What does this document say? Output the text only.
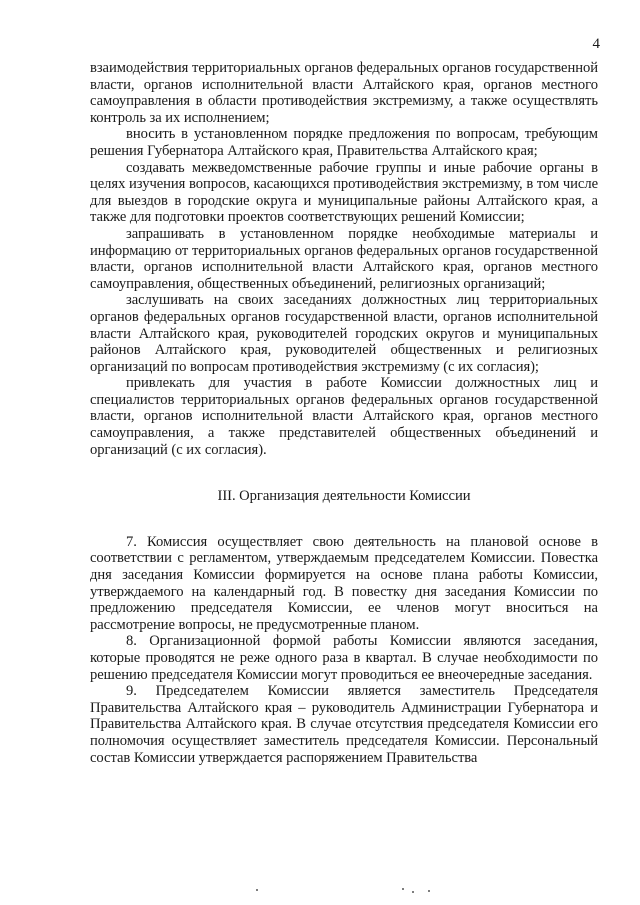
4

взаимодействия территориальных органов федеральных органов государственной власти, органов исполнительной власти Алтайского края, органов местного самоуправления в области противодействия экстремизму, а также осуществлять контроль за их исполнением;

вносить в установленном порядке предложения по вопросам, требующим решения Губернатора Алтайского края, Правительства Алтайского края;

создавать межведомственные рабочие группы и иные рабочие органы в целях изучения вопросов, касающихся противодействия экстремизму, в том числе для выездов в городские округа и муниципальные районы Алтайского края, а также для подготовки проектов соответствующих решений Комиссии;

запрашивать в установленном порядке необходимые материалы и информацию от территориальных органов федеральных органов государственной власти, органов исполнительной власти Алтайского края, органов местного самоуправления, общественных объединений, религиозных организаций;

заслушивать на своих заседаниях должностных лиц территориальных органов федеральных органов государственной власти, органов исполнительной власти Алтайского края, руководителей городских округов и муниципальных районов Алтайского края, руководителей общественных и религиозных организаций по вопросам противодействия экстремизму (с их согласия);

привлекать для участия в работе Комиссии должностных лиц и специалистов территориальных органов федеральных органов государственной власти, органов исполнительной власти Алтайского края, органов местного самоуправления, а также представителей общественных объединений и организаций (с их согласия).

III. Организация деятельности Комиссии

7. Комиссия осуществляет свою деятельность на плановой основе в соответствии с регламентом, утверждаемым председателем Комиссии. Повестка дня заседания Комиссии формируется на основе плана работы Комиссии, утверждаемого на календарный год. В повестку дня заседания Комиссии по предложению председателя Комиссии, ее членов могут вноситься на рассмотрение вопросы, не предусмотренные планом.

8. Организационной формой работы Комиссии являются заседания, которые проводятся не реже одного раза в квартал. В случае необходимости по решению председателя Комиссии могут проводиться ее внеочередные заседания.

9. Председателем Комиссии является заместитель Председателя Правительства Алтайского края – руководитель Администрации Губернатора и Правительства Алтайского края. В случае отсутствия председателя Комиссии его полномочия осуществляет заместитель председателя Комиссии. Персональный состав Комиссии утверждается распоряжением Правительства
